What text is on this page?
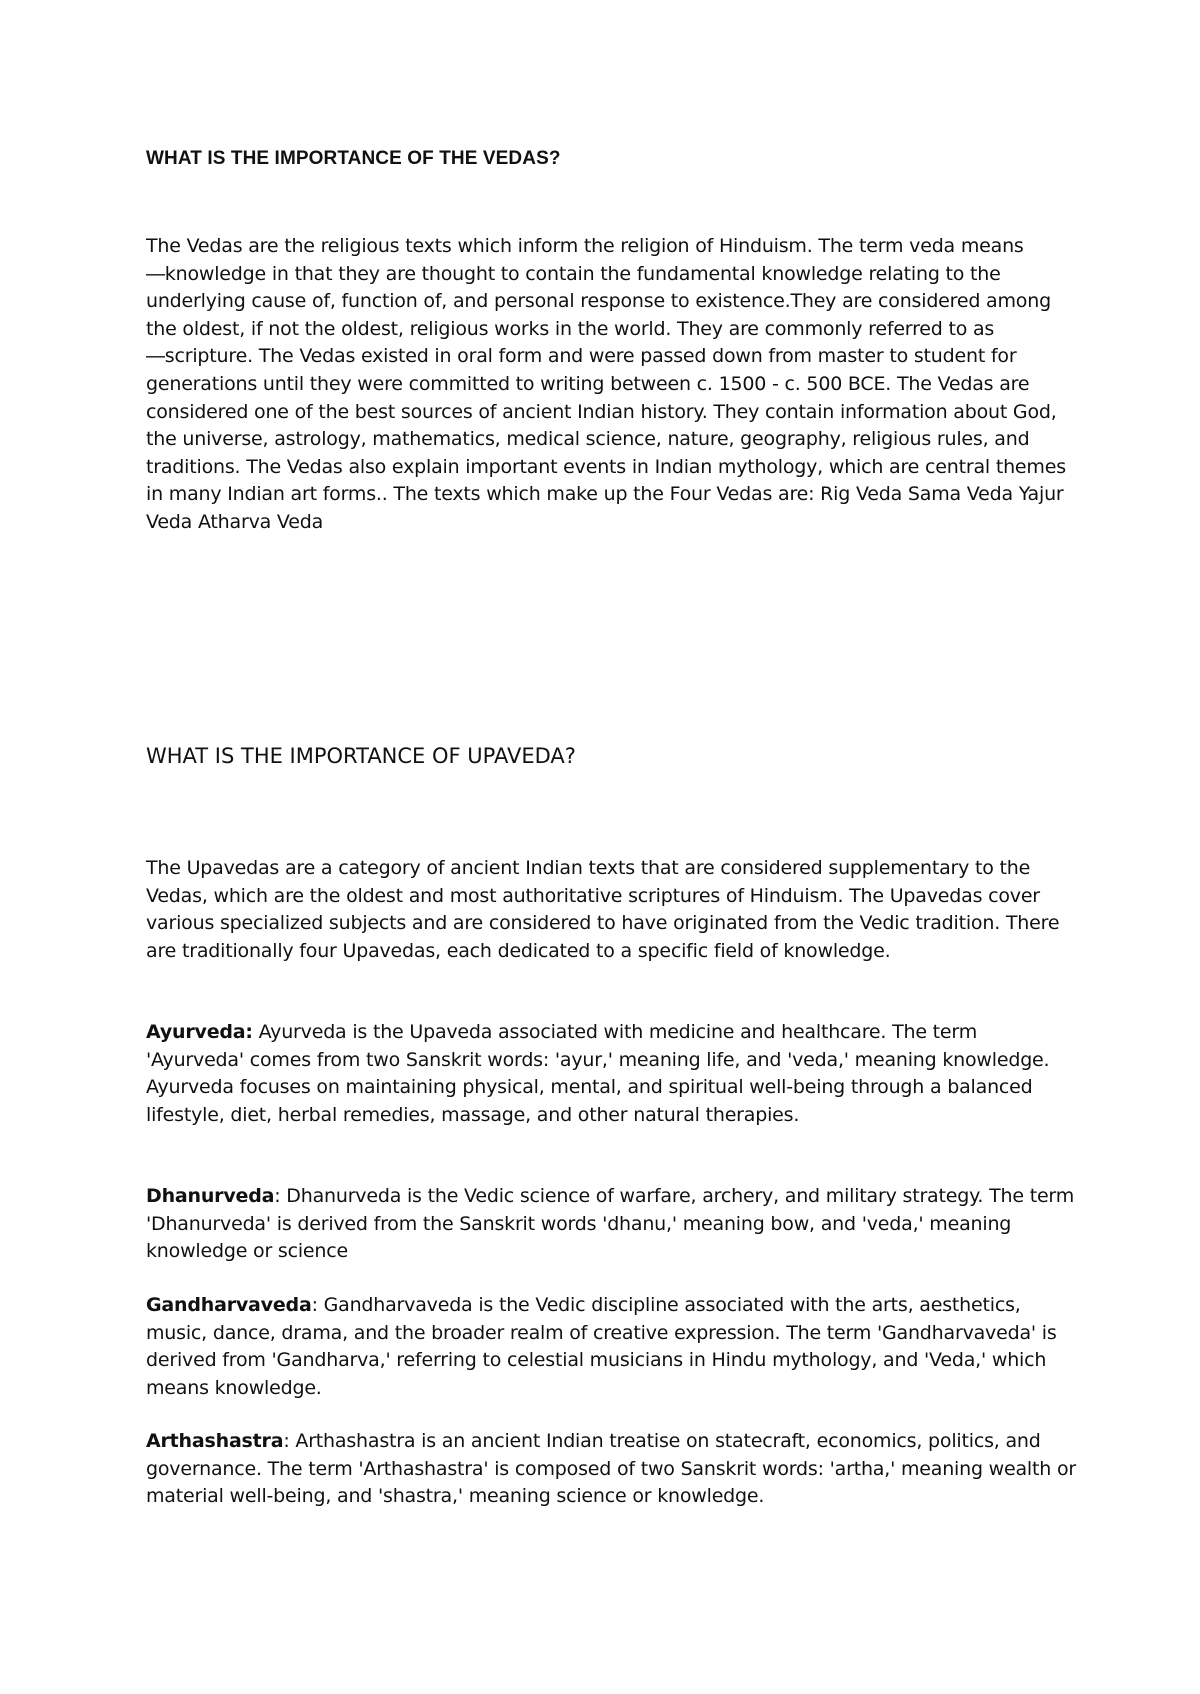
WHAT IS THE IMPORTANCE OF THE VEDAS?

The Vedas are the religious texts which inform the religion of Hinduism. The term veda means ―knowledge in that they are thought to contain the fundamental knowledge relating to the underlying cause of, function of, and personal response to existence.They are considered among the oldest, if not the oldest, religious works in the world. They are commonly referred to as ―scripture. The Vedas existed in oral form and were passed down from master to student for generations until they were committed to writing between c. 1500 - c. 500 BCE. The Vedas are considered one of the best sources of ancient Indian history. They contain information about God, the universe, astrology, mathematics, medical science, nature, geography, religious rules, and traditions. The Vedas also explain important events in Indian mythology, which are central themes in many Indian art forms.. The texts which make up the Four Vedas are: Rig Veda Sama Veda Yajur Veda Atharva Veda

WHAT IS THE IMPORTANCE OF UPAVEDA?

The Upavedas are a category of ancient Indian texts that are considered supplementary to the Vedas, which are the oldest and most authoritative scriptures of Hinduism. The Upavedas cover various specialized subjects and are considered to have originated from the Vedic tradition. There are traditionally four Upavedas, each dedicated to a specific field of knowledge.

Ayurveda: Ayurveda is the Upaveda associated with medicine and healthcare. The term 'Ayurveda' comes from two Sanskrit words: 'ayur,' meaning life, and 'veda,' meaning knowledge. Ayurveda focuses on maintaining physical, mental, and spiritual well-being through a balanced lifestyle, diet, herbal remedies, massage, and other natural therapies.

Dhanurveda: Dhanurveda is the Vedic science of warfare, archery, and military strategy. The term 'Dhanurveda' is derived from the Sanskrit words 'dhanu,' meaning bow, and 'veda,' meaning knowledge or science

Gandharvaveda: Gandharvaveda is the Vedic discipline associated with the arts, aesthetics, music, dance, drama, and the broader realm of creative expression. The term 'Gandharvaveda' is derived from 'Gandharva,' referring to celestial musicians in Hindu mythology, and 'Veda,' which means knowledge.

Arthashastra: Arthashastra is an ancient Indian treatise on statecraft, economics, politics, and governance. The term 'Arthashastra' is composed of two Sanskrit words: 'artha,' meaning wealth or material well-being, and 'shastra,' meaning science or knowledge.
